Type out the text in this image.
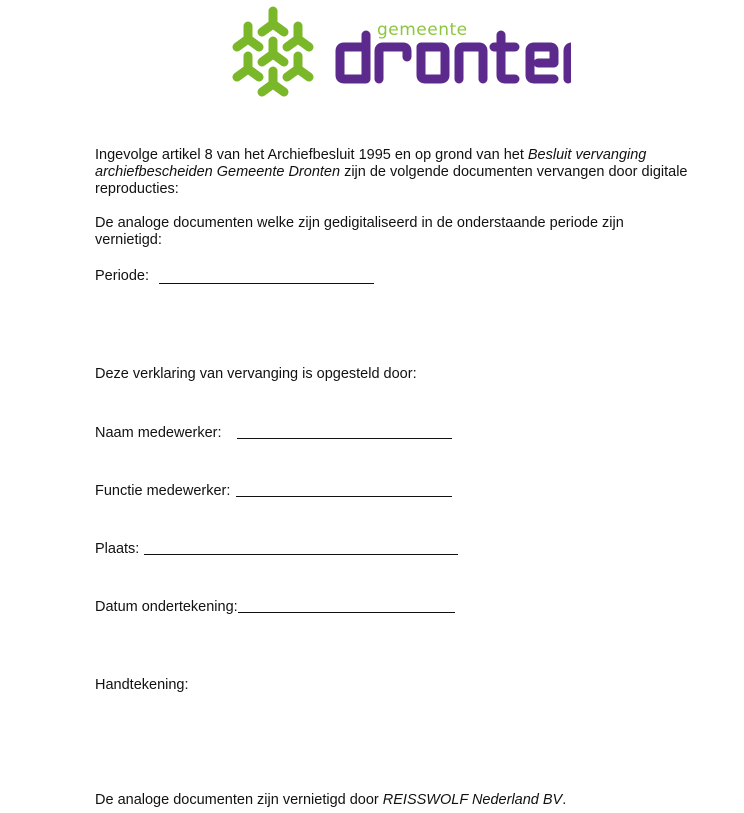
gemeente

Ingevolge artikel 8 van het Archiefbesluit 1995 en op grond van het Besluit vervanging archiefbescheiden Gemeente Dronten zijn de volgende documenten vervangen door digitale reproducties:

De analoge documenten welke zijn gedigitaliseerd in de onderstaande periode zijn vernietigd:

Periode:
Deze verklaring van vervanging is opgesteld door:
Naam medewerker:
Functie medewerker:
Plaats:
Datum ondertekening:
Handtekening:

De analoge documenten zijn vernietigd door REISSWOLF Nederland BV.
